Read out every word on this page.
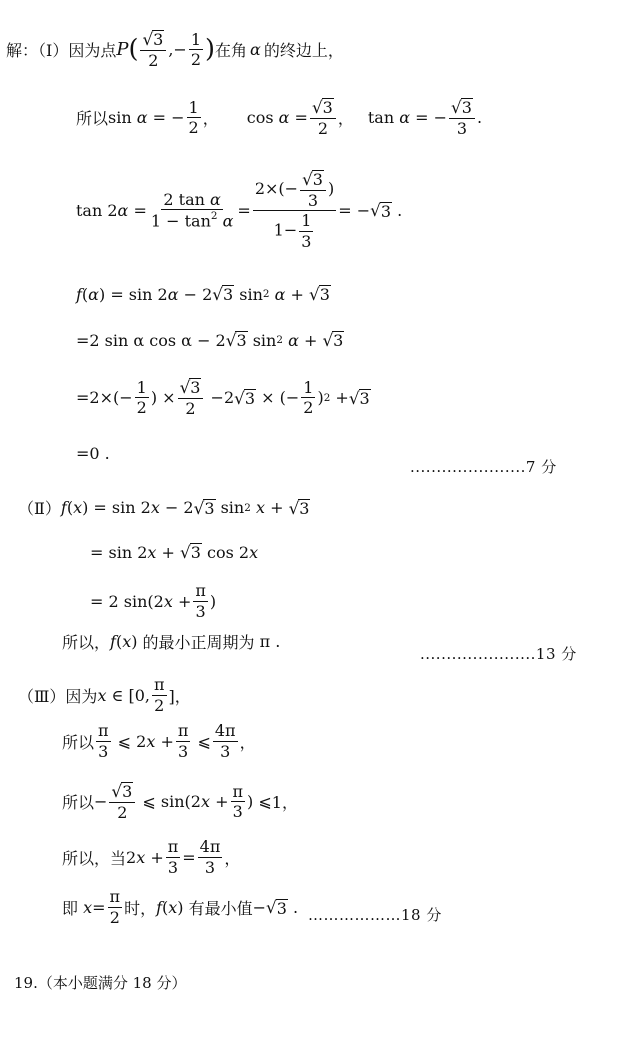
解：（Ⅰ）因为点 P ( $\frac{√ 3}{2}$ ,− $\frac{1}{2}$ ) 在角 α 的终边上，
所以 sin
α = − $\frac{1}{2}$ ， cos
$\alpha = \frac{√ 3}{2}$ ， tan
α = − $\frac{√ 3}{3}$ .
tan 2 $\alpha = \frac{\text{2 tan α}}{1 - \tan^2 \alpha} = \frac{2\times(- \frac{√ 3}{3} )}{1- \frac{1}{3}}$ = − √ 3
.
f ( α ) = sin 2 α
− 2 √ 3
sin 2
α
+
√ 3
=2 sin α cos α − 2 √ 3
sin 2
α +
√ 3
$=2\times(- \frac{1}{2}$ ) × $\frac{√ 3}{2}$
−2 √ 3
× (− $\frac{1}{2}$ ) 2
+ √ 3
=0 .
......................7 分
（Ⅱ） f ( x ) = sin 2 x
− 2 √ 3
sin 2
x
+
√ 3
= sin 2 x
+
√ 3
cos 2 x
= 2 sin(2 x
+ $\frac{\pi}{3}$ )
所以， f ( x ) 的最小正周期为
π .
......................13 分
（Ⅲ）因为 x
∈ [0, $\frac{\pi}{2}$ ]，
所以 $\frac{\pi}{3}$
⩽
2 x
+ $\frac{\pi}{3}$
⩽ $\frac{4\pi}{3}$ ，
所以 − $\frac{√ 3}{2}$
⩽
sin(2 x
+ $\frac{\pi}{3}$ )
⩽ 1，
所以，当 2 x
+ $\frac{\pi}{3} = \frac{4\pi}{3}$ ，
即
$x = \frac{\pi}{2}$ 时， f ( x ) 有最小值 − √ 3
. ………………18 分
19.（本小题满分 18 分）
